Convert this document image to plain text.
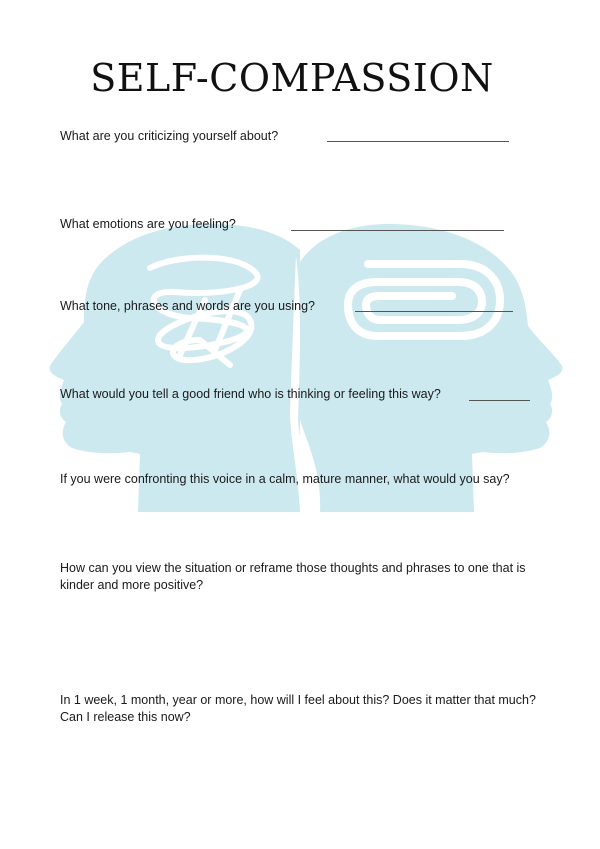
SELF-COMPASSION

What are you criticizing yourself about?

What emotions are you feeling?

What tone, phrases and words are you using?

What would you tell a good friend who is thinking or feeling this way?

If you were confronting this voice in a calm, mature manner, what would you say?

How can you view the situation or reframe those thoughts and phrases to one that is kinder and more positive?

In 1 week, 1 month, year or more, how will I feel about this? Does it matter that much? Can I release this now?
